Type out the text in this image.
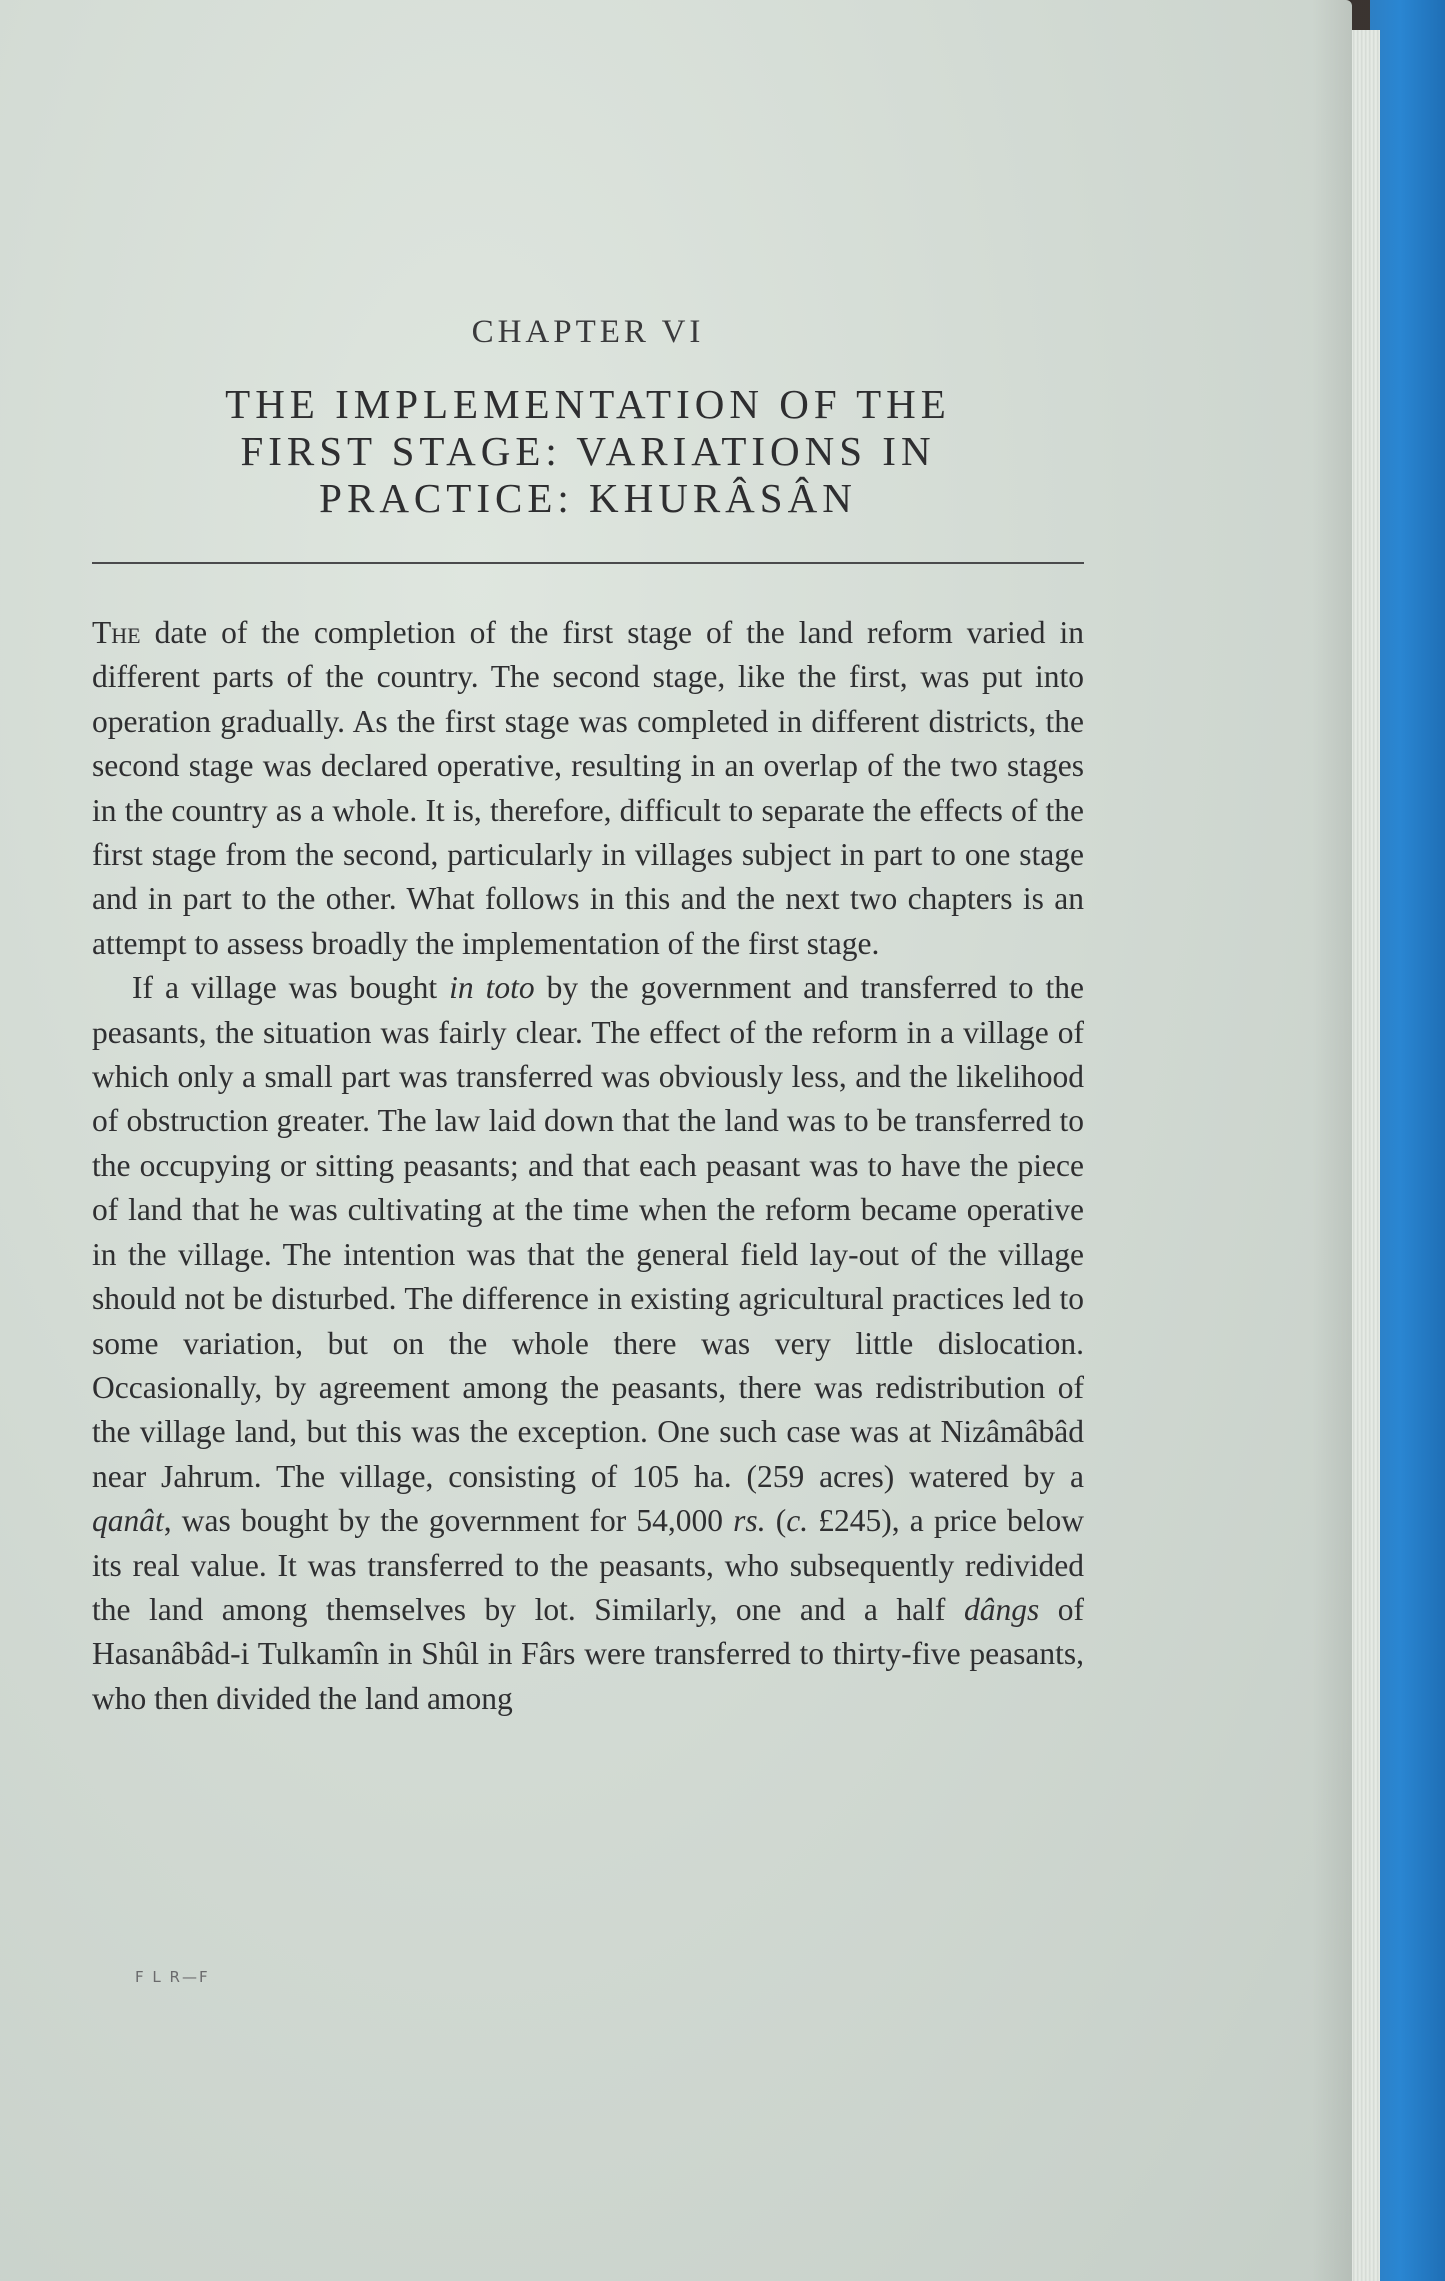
CHAPTER VI
THE IMPLEMENTATION OF THE
FIRST STAGE: VARIATIONS IN
PRACTICE: KHURÂSÂN

The date of the completion of the first stage of the land reform varied in different parts of the country. The second stage, like the first, was put into operation gradually. As the first stage was completed in different districts, the second stage was declared operative, resulting in an overlap of the two stages in the country as a whole. It is, therefore, difficult to separate the effects of the first stage from the second, particularly in villages subject in part to one stage and in part to the other. What follows in this and the next two chapters is an attempt to assess broadly the implementation of the first stage.

If a village was bought in toto by the government and transferred to the peasants, the situation was fairly clear. The effect of the reform in a village of which only a small part was transferred was obviously less, and the likelihood of obstruction greater. The law laid down that the land was to be transferred to the occupying or sitting peasants; and that each peasant was to have the piece of land that he was cultivating at the time when the reform became operative in the village. The intention was that the general field lay-out of the village should not be disturbed. The difference in existing agricultural practices led to some variation, but on the whole there was very little dislocation. Occasionally, by agreement among the peasants, there was redistribution of the village land, but this was the exception. One such case was at Nizâmâbâd near Jahrum. The village, consisting of 105 ha. (259 acres) watered by a qanât, was bought by the government for 54,000 rs. (c. £245), a price below its real value. It was transferred to the peasants, who subsequently redivided the land among themselves by lot. Similarly, one and a half dângs of Hasanâbâd-i Tulkamîn in Shûl in Fârs were transferred to thirty-five peasants, who then divided the land among

F L R—F
